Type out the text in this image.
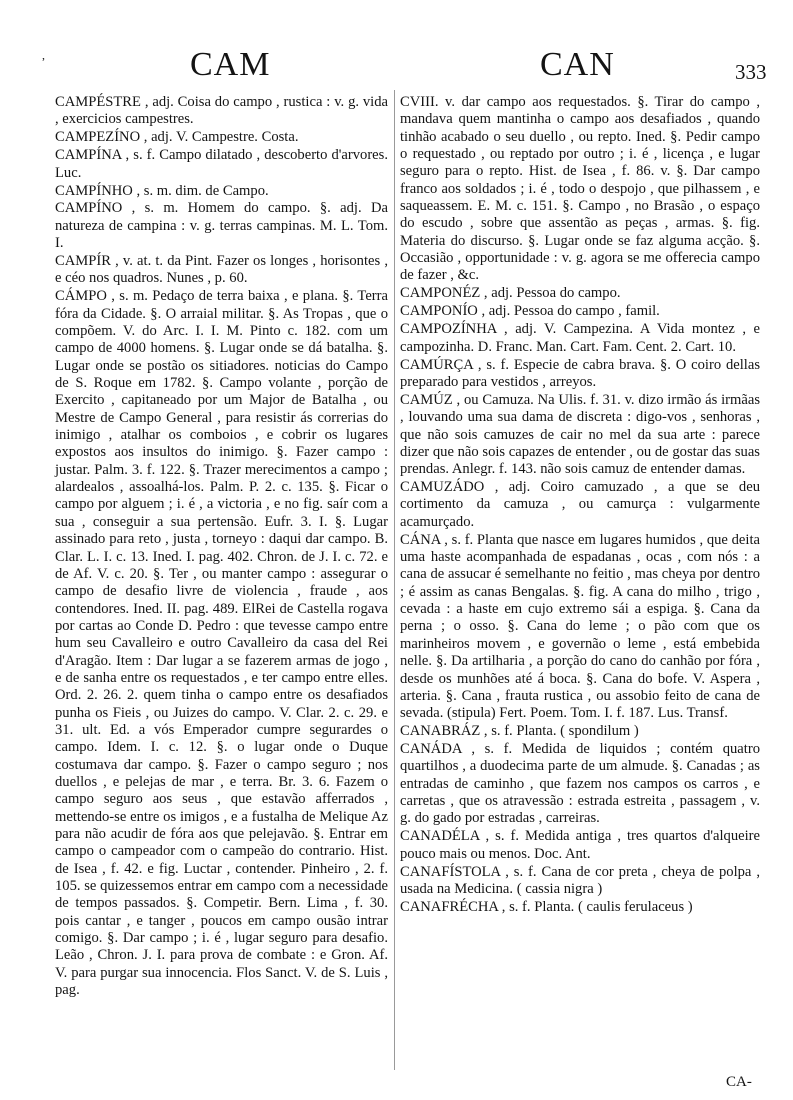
,	CAM	CAN	333

CAMPÉSTRE , adj. Coisa do campo , rustica : v. g. vida , exercicios campestres.

CAMPEZÍNO , adj. V. Campestre. Costa.

CAMPÍNA , s. f. Campo dilatado , descoberto d'arvores. Luc.

CAMPÍNHO , s. m. dim. de Campo.

CAMPÍNO , s. m. Homem do campo. §. adj. Da natureza de campina : v. g. terras campinas. M. L. Tom. I.

CAMPÍR , v. at. t. da Pint. Fazer os longes , horisontes , e céo nos quadros. Nunes , p. 60.

CÁMPO , s. m. Pedaço de terra baixa , e plana. §. Terra fóra da Cidade. §. O arraial militar. §. As Tropas , que o compõem. V. do Arc. I. I. M. Pinto c. 182. com um campo de 4000 homens. §. Lugar onde se dá batalha. §. Lugar onde se postão os sitiadores. noticias do Campo de S. Roque em 1782. §. Campo volante , porção de Exercito , capitaneado por um Major de Batalha , ou Mestre de Campo General , para resistir ás correrias do inimigo , atalhar os comboios , e cobrir os lugares expostos aos insultos do inimigo. §. Fazer campo : justar. Palm. 3. f. 122. §. Trazer merecimentos a campo ; alardealos , assoalhá-los. Palm. P. 2. c. 135. §. Ficar o campo por alguem ; i. é , a victoria , e no fig. saír com a sua , conseguir a sua pertensão. Eufr. 3. I. §. Lugar assinado para reto , justa , torneyo : daqui dar campo. B. Clar. L. I. c. 13. Ined. I. pag. 402. Chron. de J. I. c. 72. e de Af. V. c. 20. §. Ter , ou manter campo : assegurar o campo de desafio livre de violencia , fraude , aos contendores. Ined. II. pag. 489. ElRei de Castella rogava por cartas ao Conde D. Pedro : que tevesse campo entre hum seu Cavalleiro e outro Cavalleiro da casa del Rei d'Aragão. Item : Dar lugar a se fazerem armas de jogo , e de sanha entre os requestados , e ter campo entre elles. Ord. 2. 26. 2. quem tinha o campo entre os desafiados punha os Fieis , ou Juizes do campo. V. Clar. 2. c. 29. e 31. ult. Ed. a vós Emperador cumpre segurardes o campo. Idem. I. c. 12. §. o lugar onde o Duque costumava dar campo. §. Fazer o campo seguro ; nos duellos , e pelejas de mar , e terra. Br. 3. 6. Fazem o campo seguro aos seus , que estavão afferrados , mettendo-se entre os imigos , e a fustalha de Melique Az para não acudir de fóra aos que pelejavão. §. Entrar em campo o campeador com o campeão do contrario. Hist. de Isea , f. 42. e fig. Luctar , contender. Pinheiro , 2. f. 105. se quizessemos entrar em campo com a necessidade de tempos passados. §. Competir. Bern. Lima , f. 30. pois cantar , e tanger , poucos em campo ousão intrar comigo. §. Dar campo ; i. é , lugar seguro para desafio. Leão , Chron. J. I. para prova de combate : e Gron. Af. V. para purgar sua innocencia. Flos Sanct. V. de S. Luis , pag.

CVIII. v. dar campo aos requestados. §. Tirar do campo , mandava quem mantinha o campo aos desafiados , quando tinhão acabado o seu duello , ou repto. Ined. §. Pedir campo o requestado , ou reptado por outro ; i. é , licença , e lugar seguro para o repto. Hist. de Isea , f. 86. v. §. Dar campo franco aos soldados ; i. é , todo o despojo , que pilhassem , e saqueassem. E. M. c. 151. §. Campo , no Brasão , o espaço do escudo , sobre que assentão as peças , armas. §. fig. Materia do discurso. §. Lugar onde se faz alguma acção. §. Occasião , opportunidade : v. g. agora se me offerecia campo de fazer , &c.

CAMPONÉZ , adj. Pessoa do campo.

CAMPONÍO , adj. Pessoa do campo , famil.

CAMPOZÍNHA , adj. V. Campezina. A Vida montez , e campozinha. D. Franc. Man. Cart. Fam. Cent. 2. Cart. 10.

CAMÚRÇA , s. f. Especie de cabra brava. §. O coiro dellas preparado para vestidos , arreyos.

CAMÚZ , ou Camuza. Na Ulis. f. 31. v. dizo irmão ás irmãas , louvando uma sua dama de discreta : digo-vos , senhoras , que não sois camuzes de cair no mel da sua arte : parece dizer que não sois capazes de entender , ou de gostar das suas prendas. Anlegr. f. 143. não sois camuz de entender damas.

CAMUZÁDO , adj. Coiro camuzado , a que se deu cortimento da camuza , ou camurça : vulgarmente acamurçado.

CÁNA , s. f. Planta que nasce em lugares humidos , que deita uma haste acompanhada de espadanas , ocas , com nós : a cana de assucar é semelhante no feitio , mas cheya por dentro ; é assim as canas Bengalas. §. fig. A cana do milho , trigo , cevada : a haste em cujo extremo sái a espiga. §. Cana da perna ; o osso. §. Cana do leme ; o pão com que os marinheiros movem , e governão o leme , está embebida nelle. §. Da artilharia , a porção do cano do canhão por fóra , desde os munhões até á boca. §. Cana do bofe. V. Aspera , arteria. §. Cana , frauta rustica , ou assobio feito de cana de sevada. (stipula) Fert. Poem. Tom. I. f. 187. Lus. Transf.

CANABRÁZ , s. f. Planta. ( spondilum )

CANÁDA , s. f. Medida de liquidos ; contém quatro quartilhos , a duodecima parte de um almude. §. Canadas ; as entradas de caminho , que fazem nos campos os carros , e carretas , que os atravessão : estrada estreita , passagem , v. g. do gado por estradas , carreiras.

CANADÉLA , s. f. Medida antiga , tres quartos d'alqueire pouco mais ou menos. Doc. Ant.

CANAFÍSTOLA , s. f. Cana de cor preta , cheya de polpa , usada na Medicina. ( cassia nigra )

CANAFRÉCHA , s. f. Planta. ( caulis ferulaceus )

CA-
